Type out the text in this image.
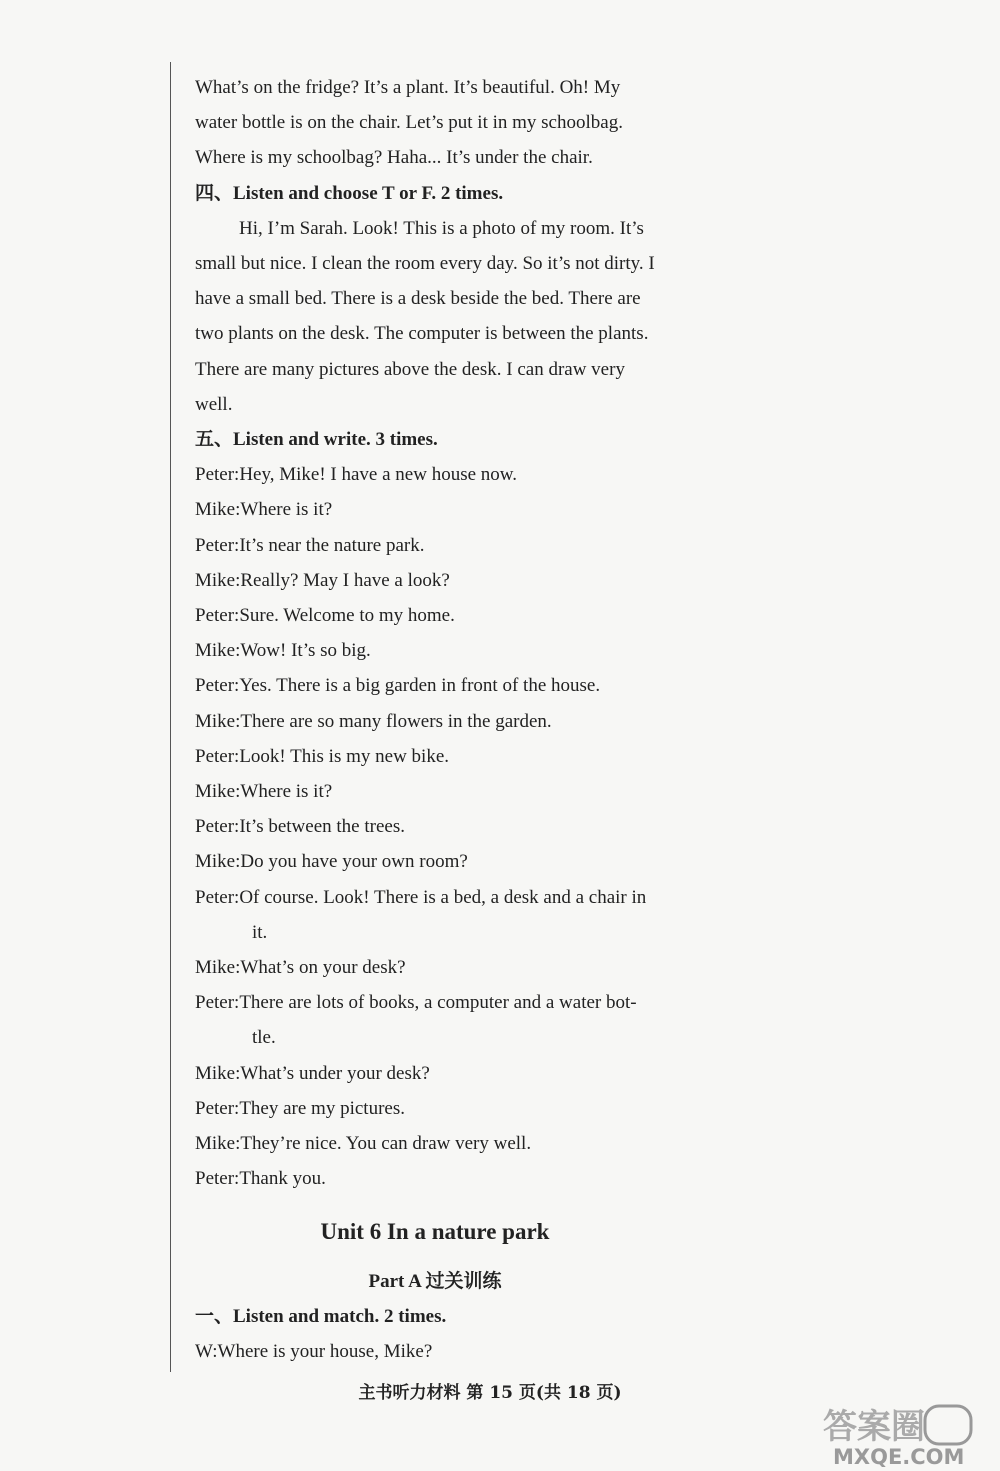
What’s on the fridge? It’s a plant. It’s beautiful. Oh! My
water bottle is on the chair. Let’s put it in my schoolbag.
Where is my schoolbag? Haha... It’s under the chair.
四、Listen and choose T or F. 2 times.
Hi, I’m Sarah. Look! This is a photo of my room. It’s
small but nice. I clean the room every day. So it’s not dirty. I
have a small bed. There is a desk beside the bed. There are
two plants on the desk. The computer is between the plants.
There are many pictures above the desk. I can draw very
well.
五、Listen and write. 3 times.
Peter:Hey, Mike! I have a new house now.
Mike:Where is it?
Peter:It’s near the nature park.
Mike:Really? May I have a look?
Peter:Sure. Welcome to my home.
Mike:Wow! It’s so big.
Peter:Yes. There is a big garden in front of the house.
Mike:There are so many flowers in the garden.
Peter:Look! This is my new bike.
Mike:Where is it?
Peter:It’s between the trees.
Mike:Do you have your own room?
Peter:Of course. Look! There is a bed, a desk and a chair in
it.
Mike:What’s on your desk?
Peter:There are lots of books, a computer and a water bot-
tle.
Mike:What’s under your desk?
Peter:They are my pictures.
Mike:They’re nice. You can draw very well.
Peter:Thank you.
Unit 6 In a nature park
Part A 过关训练
一、Listen and match. 2 times.
W:Where is your house, Mike?
主书听力材料 第 15 页(共 18 页)
答案圈
MXQE.COM
